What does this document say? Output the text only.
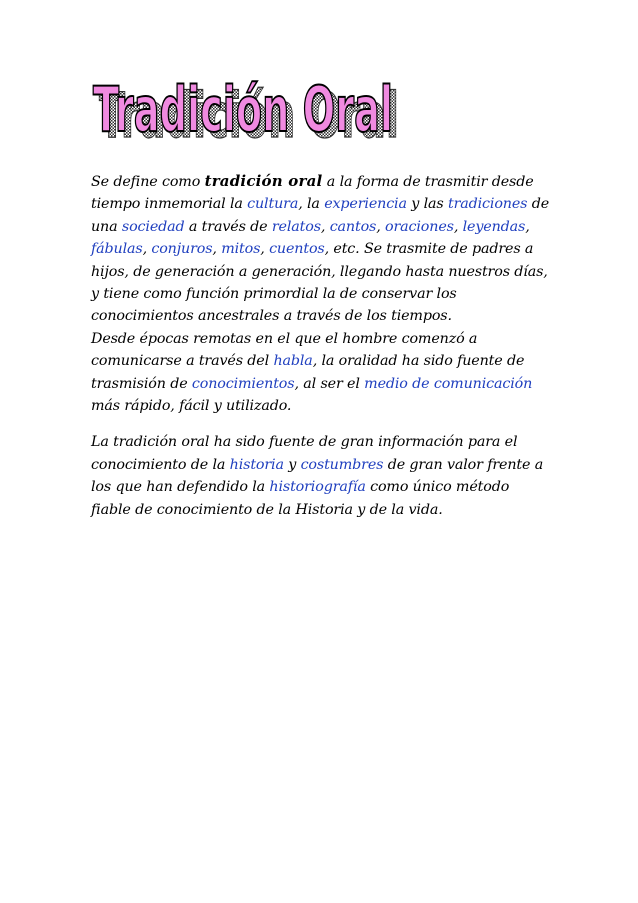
Tradición Oral
Tradición Oral

Se define como tradición oral a la forma de trasmitir desde tiempo inmemorial la cultura, la experiencia y las tradiciones de una sociedad a través de relatos, cantos, oraciones, leyendas, fábulas, conjuros, mitos, cuentos, etc. Se trasmite de padres a hijos, de generación a generación, llegando hasta nuestros días, y tiene como función primordial la de conservar los conocimientos ancestrales a través de los tiempos.
Desde épocas remotas en el que el hombre comenzó a comunicarse a través del habla, la oralidad ha sido fuente de trasmisión de conocimientos, al ser el medio de comunicación más rápido, fácil y utilizado.

La tradición oral ha sido fuente de gran información para el conocimiento de la historia y costumbres de gran valor frente a los que han defendido la historiografía como único método fiable de conocimiento de la Historia y de la vida.
